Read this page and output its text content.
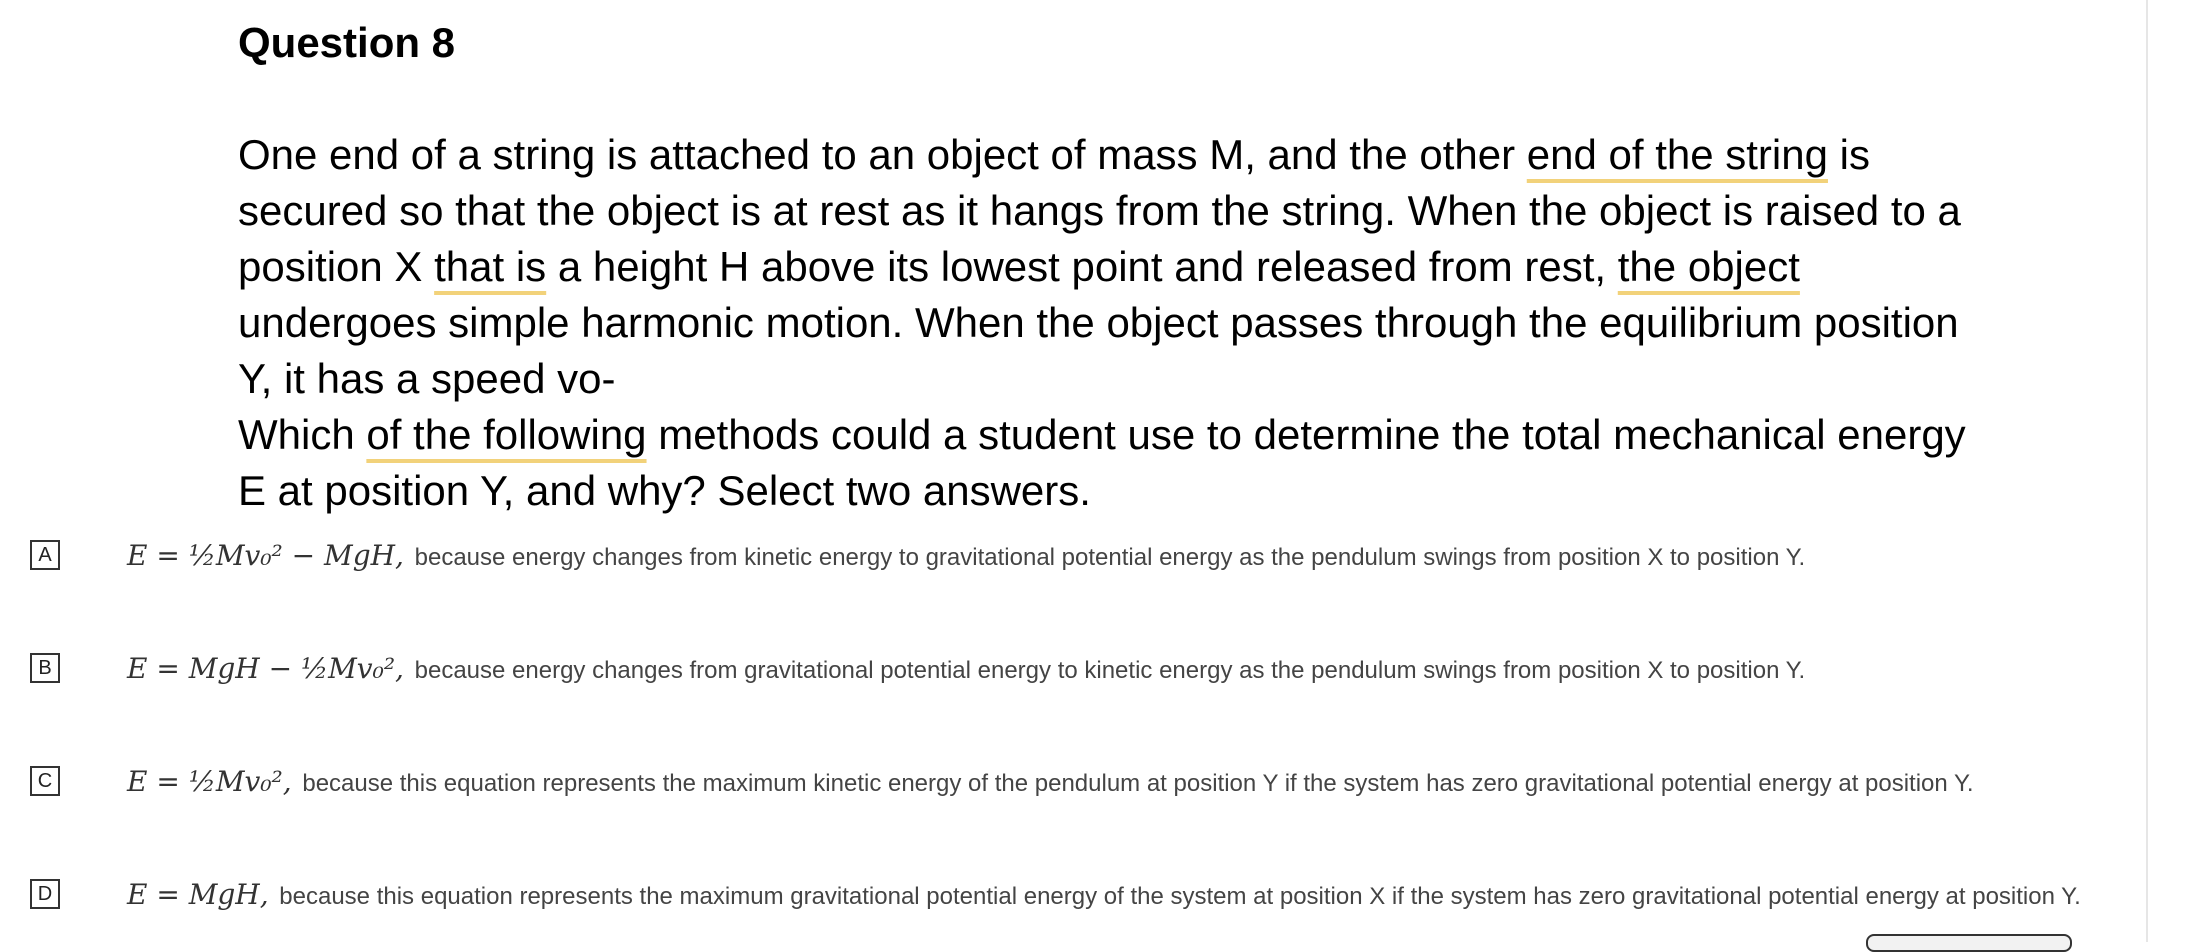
Question 8

One end of a string is attached to an object of mass M, and the other end of the string is secured so that the object is at rest as it hangs from the string. When the object is raised to a position X that is a height H above its lowest point and released from rest, the object undergoes simple harmonic motion. When the object passes through the equilibrium position Y, it has a speed vo-

Which of the following methods could a student use to determine the total mechanical energy E at position Y, and why? Select two answers.

A	E = ½Mv₀² − MgH, because energy changes from kinetic energy to gravitational potential energy as the pendulum swings from position X to position Y.
B	E = MgH − ½Mv₀², because energy changes from gravitational potential energy to kinetic energy as the pendulum swings from position X to position Y.
C	E = ½Mv₀², because this equation represents the maximum kinetic energy of the pendulum at position Y if the system has zero gravitational potential energy at position Y.
D	E = MgH, because this equation represents the maximum gravitational potential energy of the system at position X if the system has zero gravitational potential energy at position Y.
